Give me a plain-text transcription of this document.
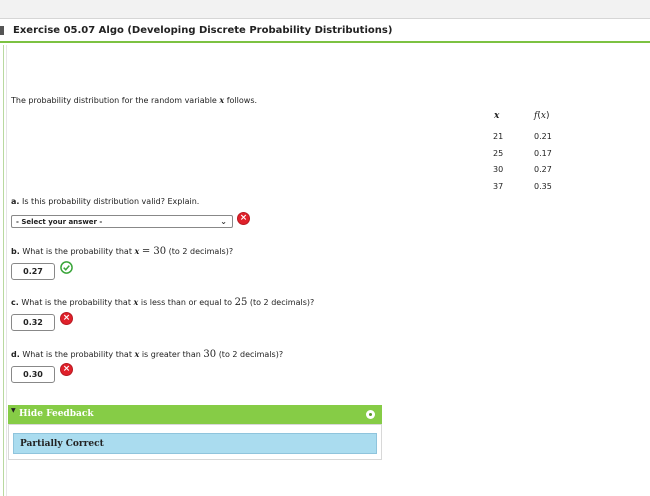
Exercise 05.07 Algo (Developing Discrete Probability Distributions)
The probability distribution for the random variable x follows.
x	f(x)
21	0.21
25	0.17
30	0.27
37	0.35
a. Is this probability distribution valid? Explain.
- Select your answer -	⌄	×
b. What is the probability that x = 30 (to 2 decimals)?
0.27
c. What is the probability that x is less than or equal to 25 (to 2 decimals)?
0.32	×
d. What is the probability that x is greater than 30 (to 2 decimals)?
0.30
×
▼ Hide Feedback
Partially Correct
